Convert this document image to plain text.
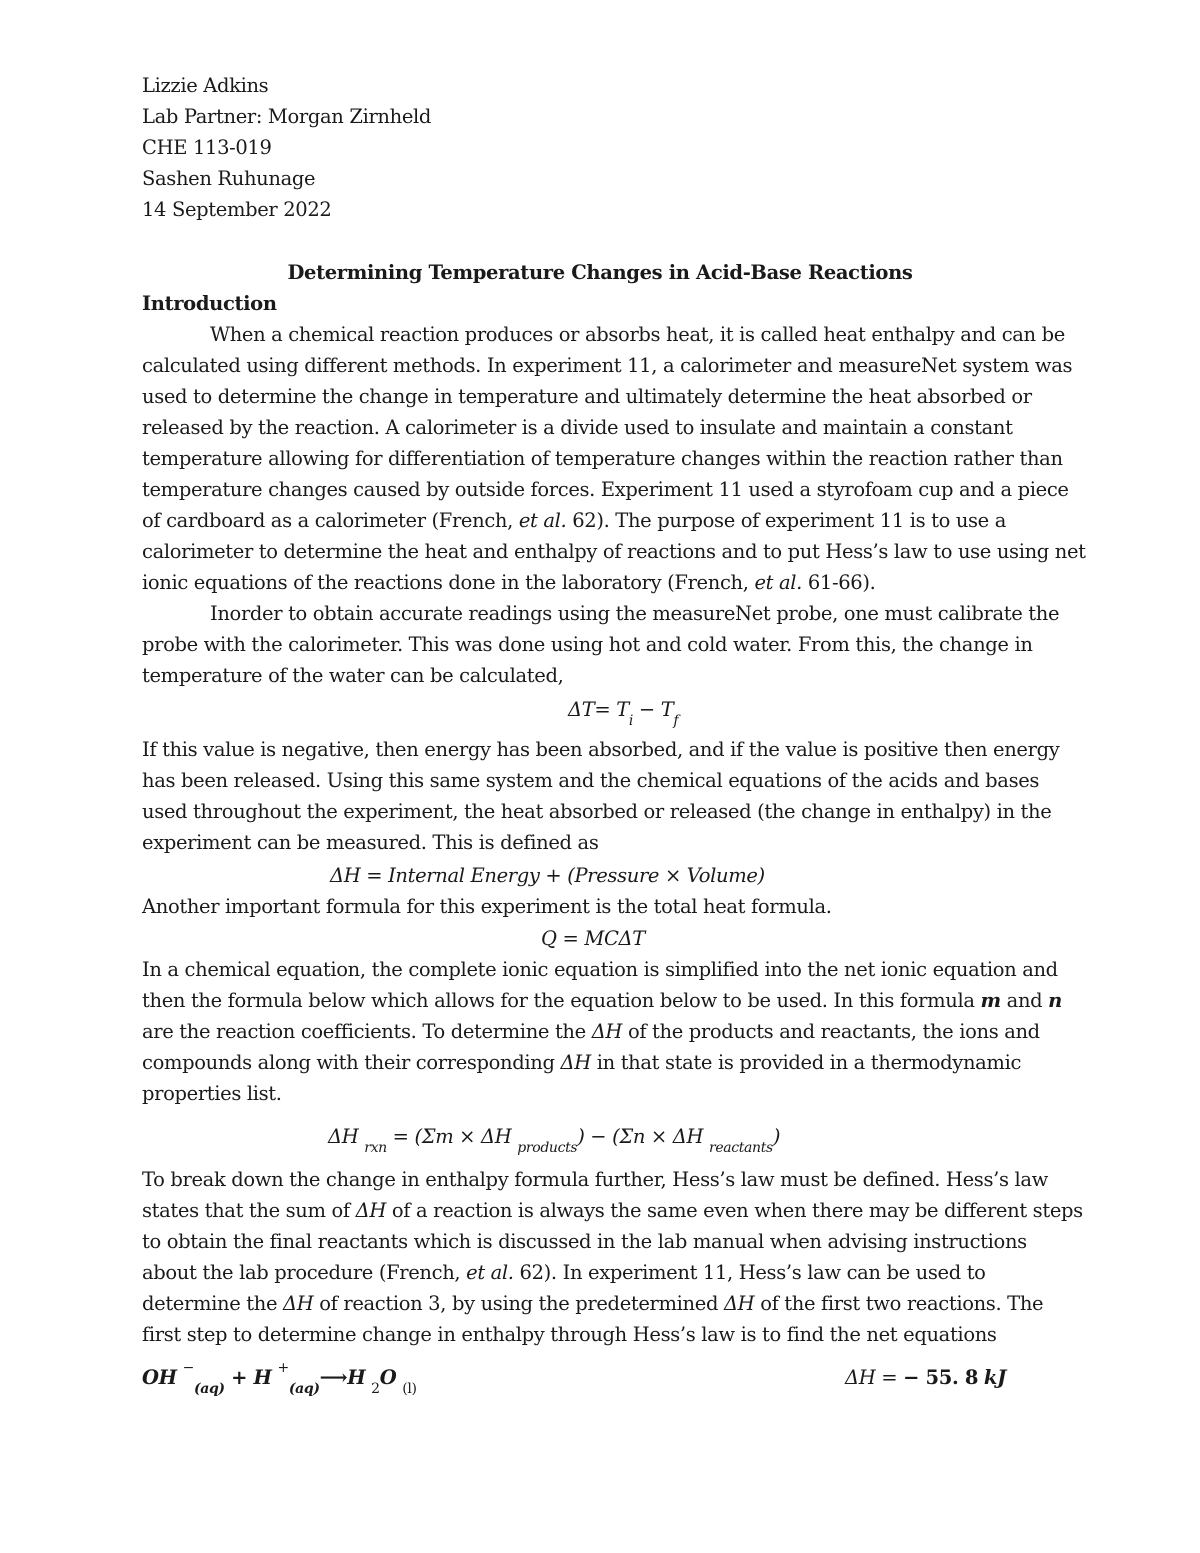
Lizzie Adkins
Lab Partner: Morgan Zirnheld
CHE 113-019
Sashen Ruhunage
14 September 2022
Determining Temperature Changes in Acid-Base Reactions
Introduction
When a chemical reaction produces or absorbs heat, it is called heat enthalpy and can be
calculated using different methods. In experiment 11, a calorimeter and measureNet system was
used to determine the change in temperature and ultimately determine the heat absorbed or
released by the reaction. A calorimeter is a divide used to insulate and maintain a constant
temperature allowing for differentiation of temperature changes within the reaction rather than
temperature changes caused by outside forces. Experiment 11 used a styrofoam cup and a piece
of cardboard as a calorimeter (French, et al. 62). The purpose of experiment 11 is to use a
calorimeter to determine the heat and enthalpy of reactions and to put Hess’s law to use using net
ionic equations of the reactions done in the laboratory (French, et al. 61-66).
Inorder to obtain accurate readings using the measureNet probe, one must calibrate the
probe with the calorimeter. This was done using hot and cold water. From this, the change in
temperature of the water can be calculated,
$\Delta T= T_i - T_f$
If this value is negative, then energy has been absorbed, and if the value is positive then energy
has been released. Using this same system and the chemical equations of the acids and bases
used throughout the experiment, the heat absorbed or released (the change in enthalpy) in the
experiment can be measured. This is defined as
ΔH = Internal Energy + (Pressure × Volume)
Another important formula for this experiment is the total heat formula.
Q = MCΔT
In a chemical equation, the complete ionic equation is simplified into the net ionic equation and
then the formula below which allows for the equation below to be used. In this formula m and n
are the reaction coefficients. To determine the ΔH of the products and reactants, the ions and
compounds along with their corresponding ΔH in that state is provided in a thermodynamic
properties list.
ΔH $_{rxn}$ = (Σm × ΔH $_{products}$) − (Σn × ΔH $_{reactants}$)
To break down the change in enthalpy formula further, Hess’s law must be defined. Hess’s law
states that the sum of ΔH of a reaction is always the same even when there may be different steps
to obtain the final reactants which is discussed in the lab manual when advising instructions
about the lab procedure (French, et al. 62). In experiment 11, Hess’s law can be used to
determine the ΔH of reaction 3, by using the predetermined ΔH of the first two reactions. The
first step to determine change in enthalpy through Hess’s law is to find the net equations
OH −$_{(aq)}$ + H +$_{(aq)}$⟶H $_2$O $_{(l)}$	ΔH = − 55. 8 kJ
